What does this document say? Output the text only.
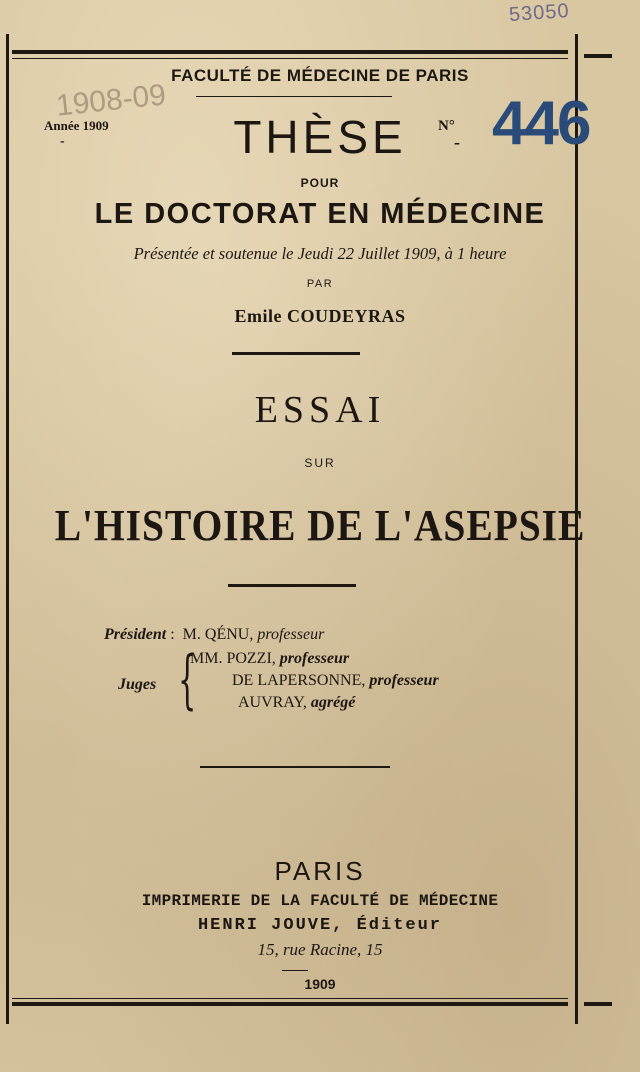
53050
1908-09
FACULTÉ DE MÉDECINE DE PARIS
Année 1909
-	THÈSE	N°
- 446
POUR
LE DOCTORAT EN MÉDECINE
Présentée et soutenue le Jeudi 22 Juillet 1909, à 1 heure
PAR
Emile COUDEYRAS
ESSAI
SUR
L'HISTOIRE DE L'ASEPSIE
Président : M. QÉNU, professeur
Juges {
MM. POZZI, professeur
DE LAPERSONNE, professeur
AUVRAY, agrégé
PARIS
IMPRIMERIE DE LA FACULTÉ DE MÉDECINE
HENRI JOUVE, Éditeur
15, rue Racine, 15
1909
